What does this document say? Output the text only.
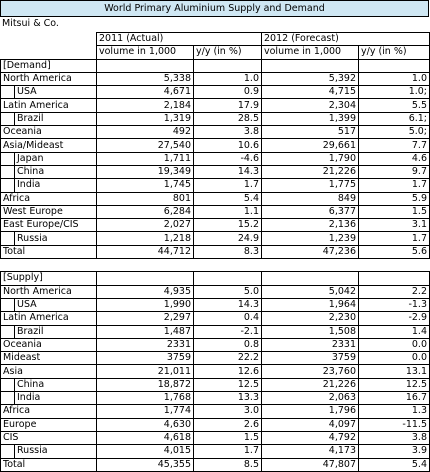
World Primary Aluminium Supply and Demand
Mitsui & Co.
		2011 (Actual)		2012 (Forecast)	
		volume in 1,000	y/y (in %)	volume in 1,000	y/y (in %)
[Demand]					
North America		5,338	1.0	5,392	1.0
	USA	4,671	0.9	4,715	1.0;
Latin America		2,184	17.9	2,304	5.5
	Brazil	1,319	28.5	1,399	6.1;
Oceania		492	3.8	517	5.0;
Asia/Mideast		27,540	10.6	29,661	7.7
	Japan	1,711	-4.6	1,790	4.6
	China	19,349	14.3	21,226	9.7
	India	1,745	1.7	1,775	1.7
Africa		801	5.4	849	5.9
West Europe		6,284	1.1	6,377	1.5
East Europe/CIS		2,027	15.2	2,136	3.1
	Russia	1,218	24.9	1,239	1.7
Total		44,712	8.3	47,236	5.6

[Supply]					
North America		4,935	5.0	5,042	2.2
	USA	1,990	14.3	1,964	-1.3
Latin America		2,297	0.4	2,230	-2.9
	Brazil	1,487	-2.1	1,508	1.4
Oceania		2331	0.8	2331	0.0
Mideast		3759	22.2	3759	0.0
Asia		21,011	12.6	23,760	13.1
	China	18,872	12.5	21,226	12.5
	India	1,768	13.3	2,063	16.7
Africa		1,774	3.0	1,796	1.3
Europe		4,630	2.6	4,097	-11.5
CIS		4,618	1.5	4,792	3.8
	Russia	4,015	1.7	4,173	3.9
Total		45,355	8.5	47,807	5.4
